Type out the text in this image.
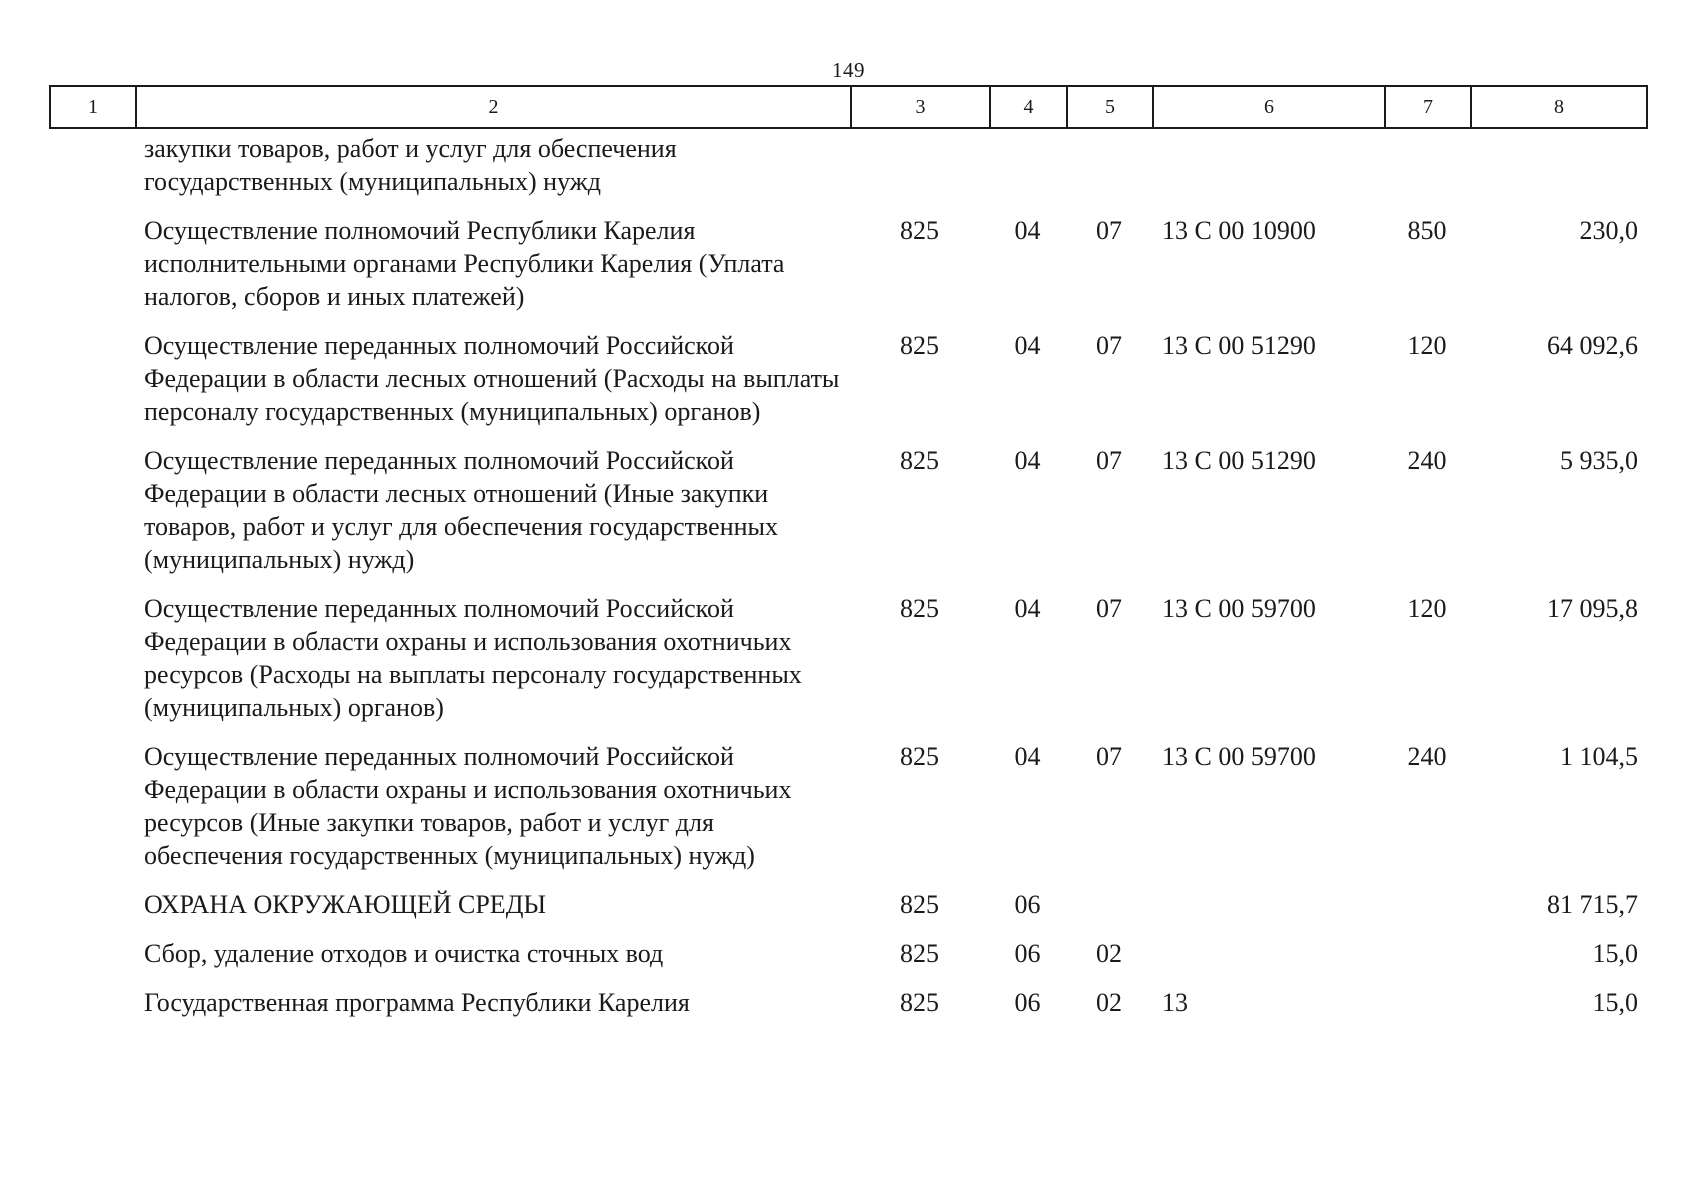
149
1	2	3	4	5	6	7	8
	закупки товаров, работ и услуг для обеспечения государственных (муниципальных) нужд						
	Осуществление полномочий Республики Карелия исполнительными органами Республики Карелия (Уплата налогов, сборов и иных платежей)	825	04	07	13 С 00 10900	850	230,0
	Осуществление переданных полномочий Российской Федерации в области лесных отношений (Расходы на выплаты персоналу государственных (муниципальных) органов)	825	04	07	13 С 00 51290	120	64 092,6
	Осуществление переданных полномочий Российской Федерации в области лесных отношений (Иные закупки товаров, работ и услуг для обеспечения государственных (муниципальных) нужд)	825	04	07	13 С 00 51290	240	5 935,0
	Осуществление переданных полномочий Российской Федерации в области охраны и использования охотничьих ресурсов (Расходы на выплаты персоналу государственных (муниципальных) органов)	825	04	07	13 С 00 59700	120	17 095,8
	Осуществление переданных полномочий Российской Федерации в области охраны и использования охотничьих ресурсов (Иные закупки товаров, работ и услуг для обеспечения государственных (муниципальных) нужд)	825	04	07	13 С 00 59700	240	1 104,5
	ОХРАНА ОКРУЖАЮЩЕЙ СРЕДЫ	825	06				81 715,7
	Сбор, удаление отходов и очистка сточных вод	825	06	02			15,0
	Государственная программа Республики Карелия	825	06	02	13		15,0
